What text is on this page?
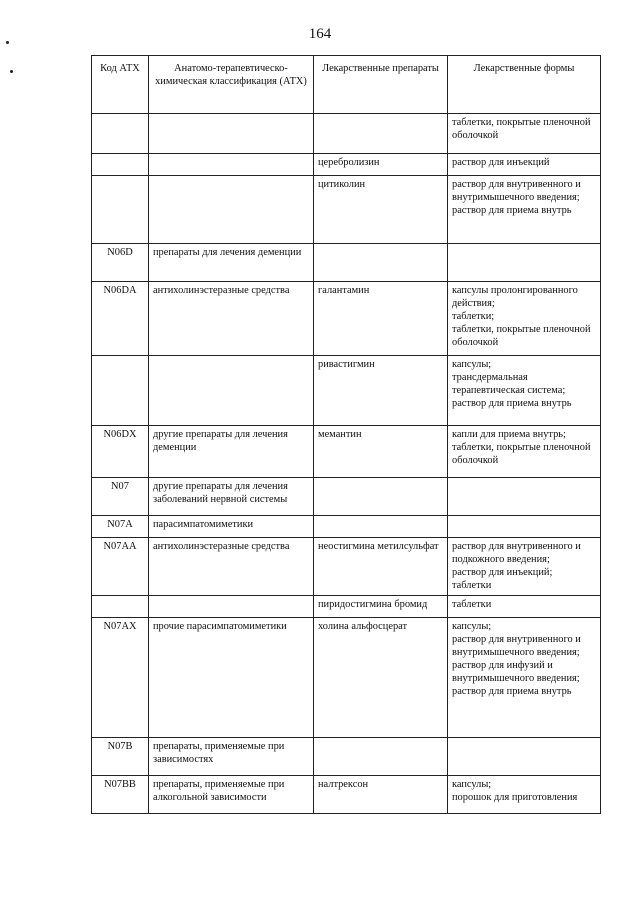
164
Код АТХ	Анатомо-терапевтическо-химическая классификация (АТХ)	Лекарственные препараты	Лекарственные формы

			таблетки, покрытые пленочной оболочкой

		церебролизин	раствор для инъекций

		цитиколин	раствор для внутривенного и внутримышечного введения;
раствор для приема внутрь

N06D	препараты для лечения деменции		
N06DA	антихолинэстеразные средства	галантамин	капсулы пролонгированного действия;
таблетки;
таблетки, покрытые пленочной оболочкой

		ривастигмин	капсулы;
трансдермальная терапевтическая система;
раствор для приема внутрь

N06DX	другие препараты для лечения деменции	мемантин	капли для приема внутрь;
таблетки, покрытые пленочной оболочкой

N07	другие препараты для лечения заболеваний нервной системы		
N07A	парасимпатомиметики		
N07AA	антихолинэстеразные средства	неостигмина метилсульфат	раствор для внутривенного и подкожного введения;
раствор для инъекций;
таблетки

		пиридостигмина бромид	таблетки

N07AX	прочие парасимпатомиметики	холина альфосцерат	капсулы;
раствор для внутривенного и внутримышечного введения;
раствор для инфузий и внутримышечного введения;
раствор для приема внутрь

N07B	препараты, применяемые при зависимостях		
N07BB	препараты, применяемые при алкогольной зависимости	налтрексон	капсулы;
порошок для приготовления
